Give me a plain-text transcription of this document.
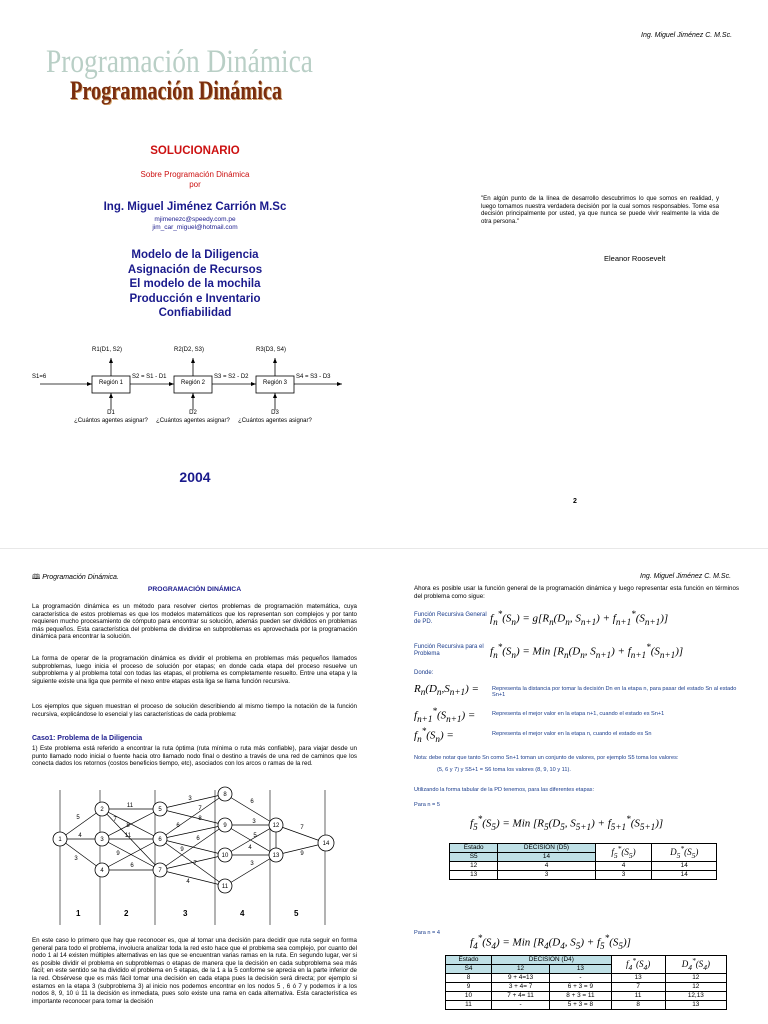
Ing. Miguel Jiménez C. M.Sc.
Programación Dinámica
Programación Dinámica
SOLUCIONARIO
Sobre Programación Dinámica
por
Ing. Miguel Jiménez Carrión M.Sc
mjimenezc@speedy.com.pe
jim_car_miguel@hotmail.com
Modelo de la Diligencia
Asignación de Recursos
El modelo de la mochila
Producción e Inventario
Confiabilidad
R1(D1, S2)	R2(D2, S3)	R3(D3, S4)
S1=6
Región 1	Región 2	Región 3
S2 = S1 - D1	S3 = S2 - D2	S4 = S3 - D3
D1	D2	D3
¿Cuántos agentes asignar? ¿Cuántos agentes asignar? ¿Cuántos agentes asignar?
2004
"En algún punto de la línea de desarrollo descubrimos lo que somos en realidad, y luego tomamos nuestra verdadera decisión por la cual somos responsables. Tome esa decisión principalmente por usted, ya que nunca se puede vivir realmente la vida de otra persona."
Eleanor Roosevelt
2
🕮 Programación Dinámica.
PROGRAMACIÓN DINÁMICA
La programación dinámica es un método para resolver ciertos problemas de programación matemática, cuya característica de estos problemas es que los modelos matemáticos que los representan son complejos y por tanto requieren mucho procesamiento de cómputo para encontrar su solución, además pueden ser divididos en problemas más pequeños. Esta característica del problema de dividirse en subproblemas es aprovechada por la programación dinámica para encontrar la solución.
La forma de operar de la programación dinámica es dividir el problema en problemas más pequeños llamados subproblemas, luego inicia el proceso de solución por etapas; en donde cada etapa del proceso resuelve un subproblema y al problema total con todas las etapas, el problema es completamente resuelto. Entre una etapa y la siguiente existe una liga que permite el nexo entre etapas esta liga se llama función recursiva.
Los ejemplos que siguen muestran el proceso de solución describiendo al mismo tiempo la notación de la función recursiva, explicándose lo esencial y las características de cada problema:
Caso1: Problema de la Diligencia
1) Este problema está referido a encontrar la ruta óptima (ruta mínima o ruta más confiable), para viajar desde un punto llamado nodo inicial o fuente hacia otro llamado nodo final o destino a través de una red de caminos que los conecta dados los retornos (costos beneficios tiempo, etc), asociados con los arcos o ramas de la red.
1
2
3
4
5
6
7
8
9
10
11
12
13
14
11
5
4
8
7
3
9
11
6
8
3
7
6
9
6
4
7
6
3
5
3
4
7
9
1	2	3	4	5
En este caso lo primero que hay que reconocer es, que al tomar una decisión para decidir que ruta seguir en forma general para todo el problema, involucra analizar toda la red esto hace que el problema sea complejo, por cuanto del nodo 1 al 14 existen múltiples alternativas en las que se encuentran varias ramas en la ruta. En segundo lugar, ver si es posible dividir el problema en subproblemas o etapas de manera que la decisión en cada subproblema sea más fácil; en este sentido se ha dividido el problema en 5 etapas, de la 1 a la 5 conforme se aprecia en la parte inferior de la red. Obsérvese que es más fácil tomar una decisión en cada etapa pues la decisión será directa; por ejemplo si estamos en la etapa 3 (subproblema 3) al inicio nos podemos encontrar en los nodos 5 , 6 ó 7 y podemos ir a los nodos 8, 9, 10 ú 11 la decisión es inmediata, pues solo existe una rama en cada alternativa. Esta característica es importante reconocer para tomar la decisión
Ing. Miguel Jiménez C. M.Sc.
Ahora es posible usar la función general de la programación dinámica y luego representar esta función en términos del problema como sigue:
Función Recursiva General de PD.	$f_n^*(S_n) = g[R_n(D_n$, $S_{n+1}) + f_{n+1}^*(S_{n+1})$]
Función Recursiva para el Problema	$f_n^*(S_n)$ = Min [$R_n(D_n$, $S_{n+1}) + f_{n+1}^*(S_{n+1})$]
Donde:
$R_n(D_n,S_{n+1})$ = Representa la distancia por tomar la decisión Dn en la etapa n, para pasar del estado Sn al estado Sn+1
$f_{n+1}^*(S_{n+1})$ =	Representa el mejor valor en la etapa n+1, cuando el estado es Sn+1
$f_n^*(S_n)$ =	Representa el mejor valor en la etapa n, cuando el estado es Sn
Nota: debe notar que tanto Sn como Sn+1 toman un conjunto de valores, por ejemplo S5 toma los valores:
(5, 6 y 7) y S5+1 = S6 toma los valores (8, 9, 10 y 11).
Utilizando la forma tabular de la PD tenemos, para las diferentes etapas:
Para n = 5
$f_5^*(S_5)$ = Min [$R_5(D_5$, $S_{5+1}) + f_{5+1}^*(S_{5+1})$]
Estado	DECISION (D5)	$f_5^*(S_5)$	$D_5^*(S_5)$
S5	14		
12	4	4	14
13	3	3	14
Para n = 4
$f_4^*(S_4)$ = Min [$R_4(D_4$, $S_5) + f_5^*(S_5)$]
Estado	DECISION (D4)		$f_4^*(S_4)$	$D_4^*(S_4)$
S4	12	13		
8	9 + 4=13	-	13	12
9	3 + 4= 7	6 + 3 = 9	7	12
10	7 + 4= 11	8 + 3 = 11	11	12,13
11	-	5 + 3 = 8	8	13
